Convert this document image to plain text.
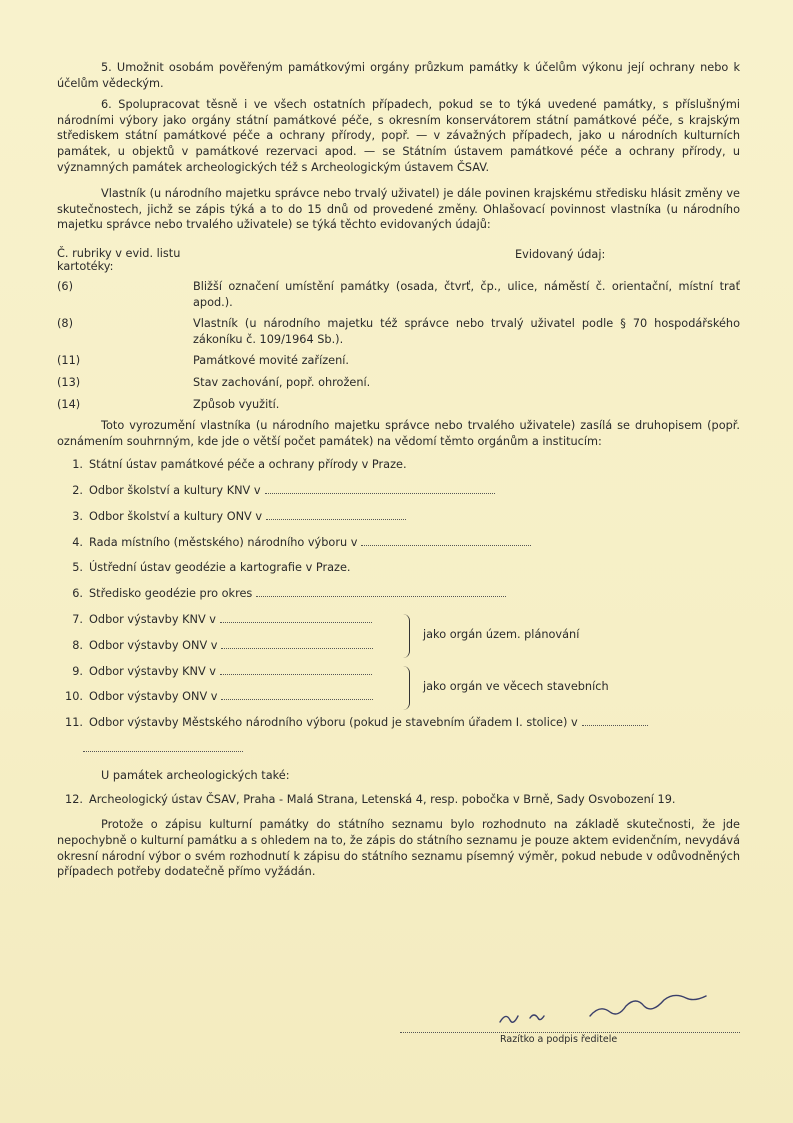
5. Umožnit osobám pověřeným památkovými orgány průzkum památky k účelům výkonu její ochrany nebo k účelům vědeckým.

6. Spolupracovat těsně i ve všech ostatních případech, pokud se to týká uvedené památky, s příslušnými národními výbory jako orgány státní památkové péče, s okresním konservátorem státní památkové péče, s krajským střediskem státní památkové péče a ochrany přírody, popř. — v závažných případech, jako u národních kulturních památek, u objektů v památkové rezervaci apod. — se Státním ústavem památkové péče a ochrany přírody, u významných památek archeologických též s Archeologickým ústavem ČSAV.

Vlastník (u národního majetku správce nebo trvalý uživatel) je dále povinen krajskému středisku hlásit změny ve skutečnostech, jichž se zápis týká a to do 15 dnů od provedené změny. Ohlašovací povinnost vlastníka (u národního majetku správce nebo trvalého uživatele) se týká těchto evidovaných údajů:

Č. rubriky v evid. listu kartotéky:
Evidovaný údaj:
(6)	Bližší označení umístění památky (osada, čtvrť, čp., ulice, náměstí č. orientační, místní trať apod.).
(8)	Vlastník (u národního majetku též správce nebo trvalý uživatel podle § 70 hospodářského zákoníku č. 109/1964 Sb.).
(11)	Památkové movité zařízení.
(13)	Stav zachování, popř. ohrožení.
(14)	Způsob využití.

Toto vyrozumění vlastníka (u národního majetku správce nebo trvalého uživatele) zasílá se druhopisem (popř. oznámením souhrnným, kde jde o větší počet památek) na vědomí těmto orgánům a institucím:

1. Státní ústav památkové péče a ochrany přírody v Praze.
2. Odbor školství a kultury KNV v
3. Odbor školství a kultury ONV v
4. Rada místního (městského) národního výboru v
5. Ústřední ústav geodézie a kartografie v Praze.
6. Středisko geodézie pro okres
7. Odbor výstavby KNV v
8. Odbor výstavby ONV v
jako orgán územ. plánování
9. Odbor výstavby KNV v
10. Odbor výstavby ONV v
jako orgán ve věcech stavebních
11. Odbor výstavby Městského národního výboru (pokud je stavebním úřadem I. stolice) v

U památek archeologických také:

12. Archeologický ústav ČSAV, Praha - Malá Strana, Letenská 4, resp. pobočka v Brně, Sady Osvobození 19.

Protože o zápisu kulturní památky do státního seznamu bylo rozhodnuto na základě skutečnosti, že jde nepochybně o kulturní památku a s ohledem na to, že zápis do státního seznamu je pouze aktem evidenčním, nevydává okresní národní výbor o svém rozhodnutí k zápisu do státního seznamu písemný výměr, pokud nebude v odůvodněných případech potřeby dodatečně přímo vyžádán.

Razítko a podpis ředitele
